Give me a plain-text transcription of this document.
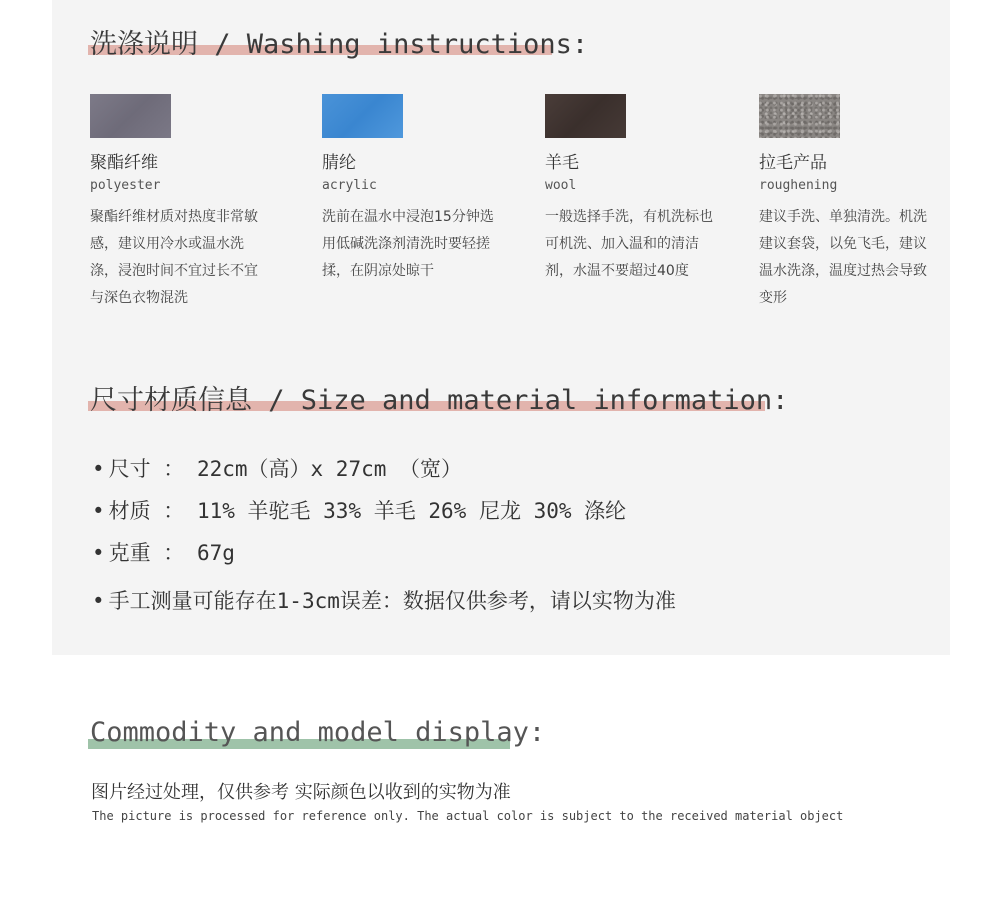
洗涤说明 / Washing instructions:
聚酯纤维
polyester
聚酯纤维材质对热度非常敏感，建议用冷水或温水洗涤，浸泡时间不宜过长不宜与深色衣物混洗
腈纶
acrylic
洗前在温水中浸泡15分钟选用低碱洗涤剂清洗时要轻搓揉，在阴凉处晾干
羊毛
wool
一般选择手洗，有机洗标也可机洗、加入温和的清洁剂，水温不要超过40度
拉毛产品
roughening
建议手洗、单独清洗。机洗建议套袋，以免飞毛，建议温水洗涤，温度过热会导致变形
尺寸材质信息 / Size and material information:

• 尺寸 ： 22cm（高）x 27cm （宽）

• 材质 ： 11% 羊驼毛 33% 羊毛 26% 尼龙 30% 涤纶

• 克重 ： 67g

• 手工测量可能存在1-3cm误差：数据仅供参考，请以实物为准

Commodity and model display:

图片经过处理，仅供参考 实际颜色以收到的实物为准

The picture is processed for reference only. The actual color is subject to the received material object
